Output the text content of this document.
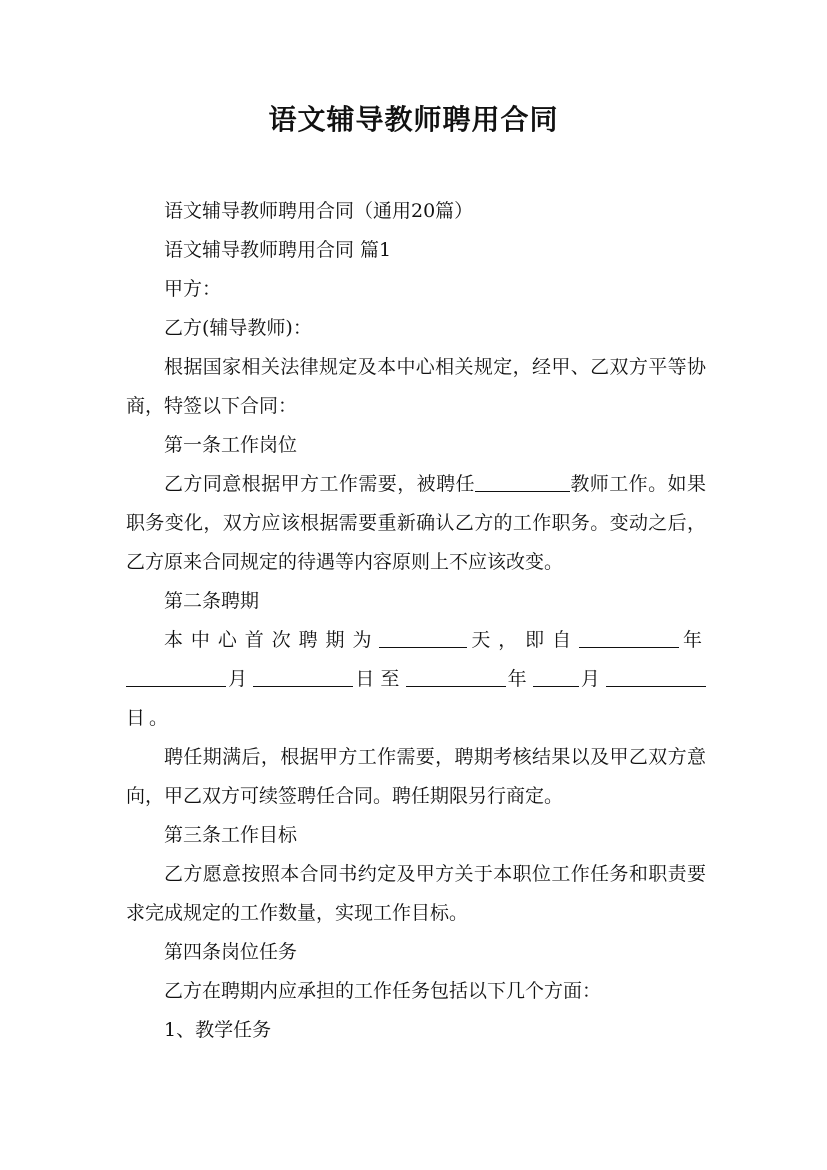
语文辅导教师聘用合同

语文辅导教师聘用合同（通用20篇）

语文辅导教师聘用合同 篇1

甲方：

乙方(辅导教师)：

根据国家相关法律规定及本中心相关规定，经甲、乙双方平等协商，特签以下合同：

第一条工作岗位

乙方同意根据甲方工作需要，被聘任	教师工作。如果职务变化，双方应该根据需要重新确认乙方的工作职务。变动之后，乙方原来合同规定的待遇等内容原则上不应该改变。

第二条聘期

本中心首次聘期为	天，即自	年月	日至	年 月日。

聘任期满后，根据甲方工作需要，聘期考核结果以及甲乙双方意向，甲乙双方可续签聘任合同。聘任期限另行商定。

第三条工作目标

乙方愿意按照本合同书约定及甲方关于本职位工作任务和职责要求完成规定的工作数量，实现工作目标。

第四条岗位任务

乙方在聘期内应承担的工作任务包括以下几个方面：

1、教学任务
